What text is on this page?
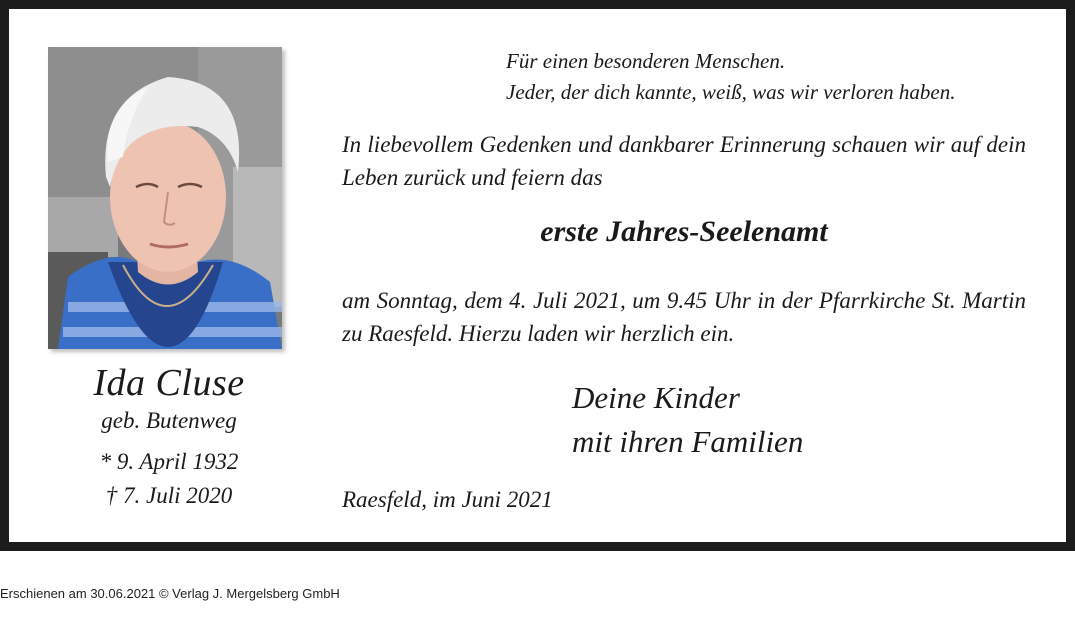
Ida Cluse
geb. Butenweg
* 9. April 1932
† 7. Juli 2020
Für einen besonderen Menschen.
Jeder, der dich kannte, weiß, was wir verloren haben.
In liebevollem Gedenken und dankbarer Erinnerung schauen wir auf dein Leben zurück und feiern das
erste Jahres-Seelenamt
am Sonntag, dem 4. Juli 2021, um 9.45 Uhr in der Pfarrkirche St. Martin zu Raesfeld. Hierzu laden wir herzlich ein.
Deine Kinder
mit ihren Familien
Raesfeld, im Juni 2021
Erschienen am 30.06.2021 © Verlag J. Mergelsberg GmbH
